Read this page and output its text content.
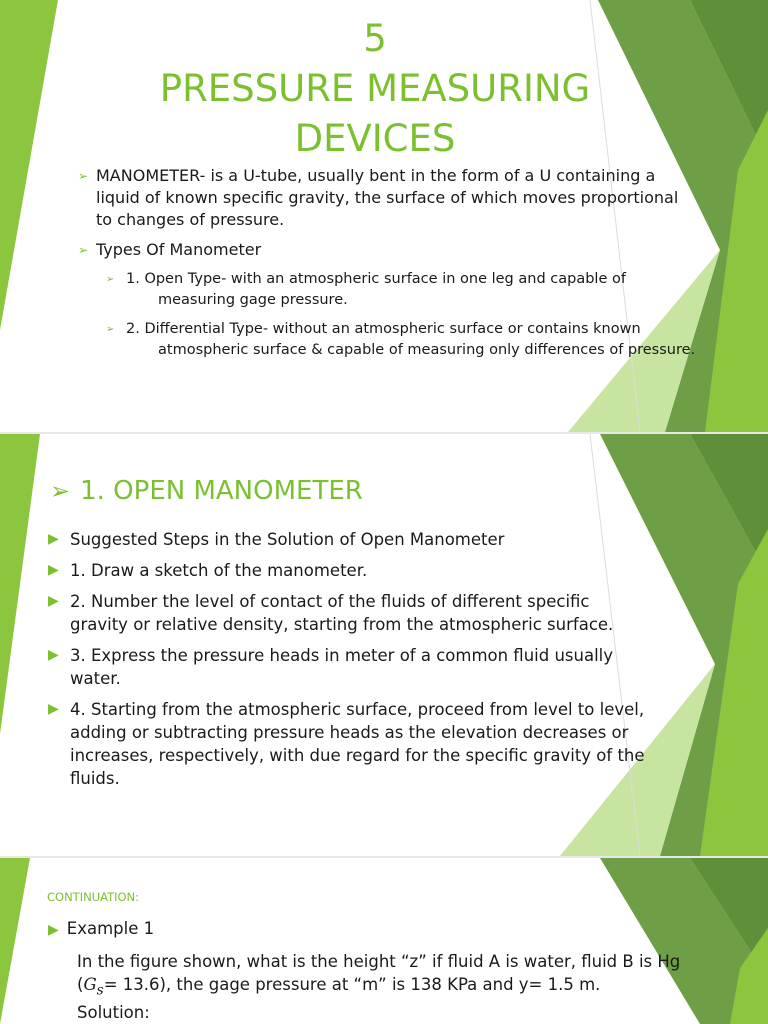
5
PRESSURE MEASURING
DEVICES
➢ MANOMETER- is a U-tube, usually bent in the form of a U containing a liquid of known specific gravity, the surface of which moves proportional to changes of pressure.
➢ Types Of Manometer
➢ 1. Open Type- with an atmospheric surface in one leg and capable of measuring gage pressure.
➢ 2. Differential Type- without an atmospheric surface or contains known atmospheric surface & capable of measuring only differences of pressure.
➢ 1. OPEN MANOMETER
▶ Suggested Steps in the Solution of Open Manometer
▶ 1. Draw a sketch of the manometer.
▶ 2. Number the level of contact of the fluids of different specific gravity or relative density, starting from the atmospheric surface.
▶ 3. Express the pressure heads in meter of a common fluid usually water.
▶ 4. Starting from the atmospheric surface, proceed from level to level, adding or subtracting pressure heads as the elevation decreases or increases, respectively, with due regard for the specific gravity of the fluids.
CONTINUATION:
▶ Example 1
In the figure shown, what is the height “z” if fluid A is water, fluid B is Hg $(G_s= 13.6)$, the gage pressure at “m” is 138 KPa and y= 1.5 m.
Solution:
